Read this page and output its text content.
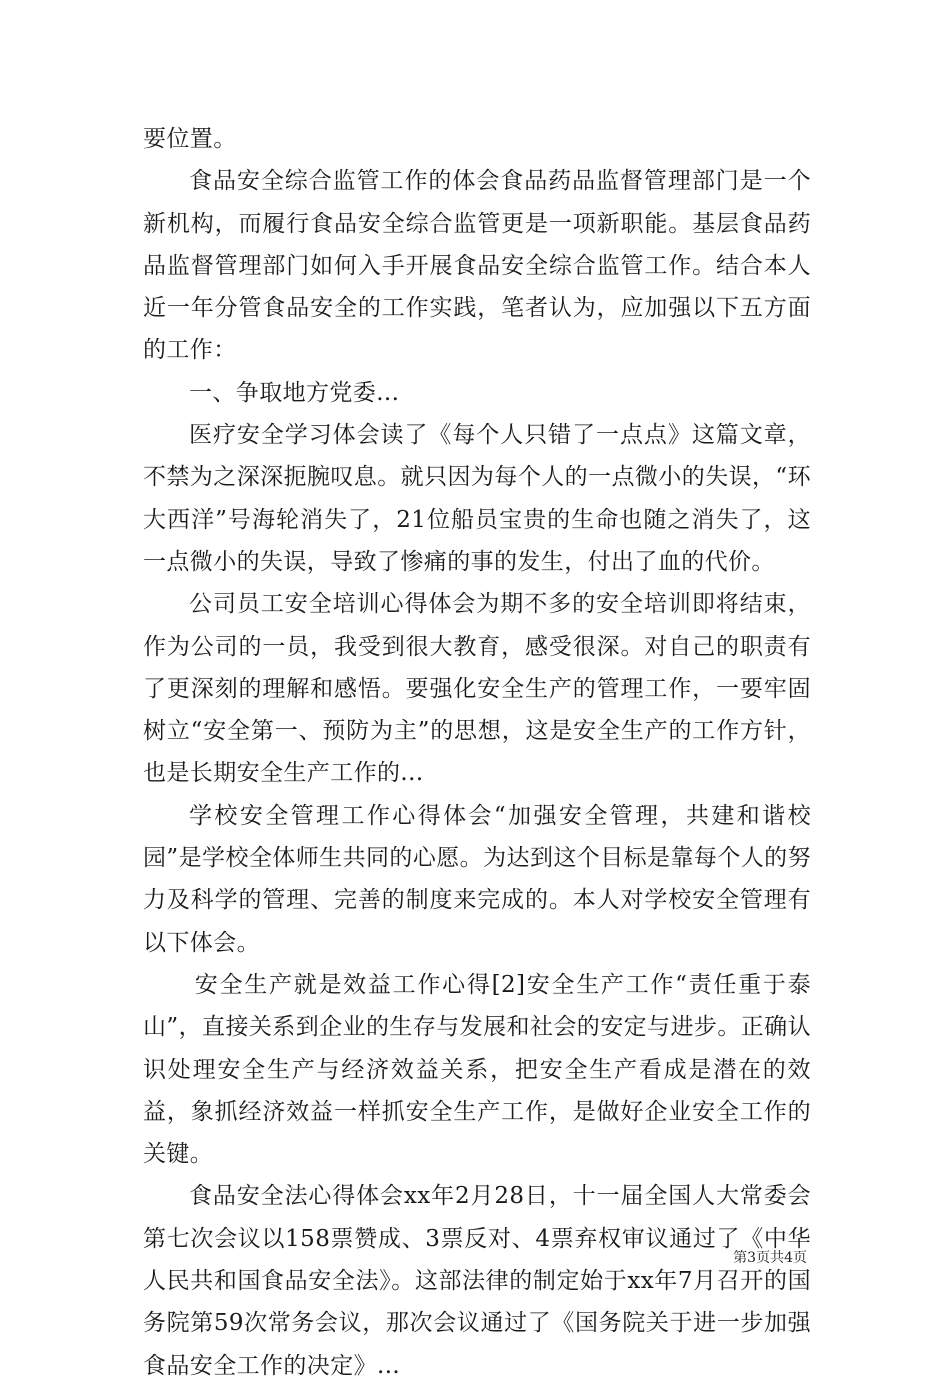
要位置。

食品安全综合监管工作的体会食品药品监督管理部门是一个新机构，而履行食品安全综合监管更是一项新职能。基层食品药品监督管理部门如何入手开展食品安全综合监管工作。结合本人近一年分管食品安全的工作实践，笔者认为，应加强以下五方面的工作：

一、争取地方党委...

医疗安全学习体会读了《每个人只错了一点点》这篇文章，不禁为之深深扼腕叹息。就只因为每个人的一点微小的失误，“环大西洋”号海轮消失了，21位船员宝贵的生命也随之消失了，这一点微小的失误，导致了惨痛的事的发生，付出了血的代价。

公司员工安全培训心得体会为期不多的安全培训即将结束，作为公司的一员，我受到很大教育，感受很深。对自己的职责有了更深刻的理解和感悟。要强化安全生产的管理工作，一要牢固树立“安全第一、预防为主”的思想，这是安全生产的工作方针，也是长期安全生产工作的...

学校安全管理工作心得体会“加强安全管理，共建和谐校园”是学校全体师生共同的心愿。为达到这个目标是靠每个人的努力及科学的管理、完善的制度来完成的。本人对学校安全管理有以下体会。

安全生产就是效益工作心得[2]安全生产工作“责任重于泰山”，直接关系到企业的生存与发展和社会的安定与进步。正确认识处理安全生产与经济效益关系，把安全生产看成是潜在的效益，象抓经济效益一样抓安全生产工作，是做好企业安全工作的关键。

食品安全法心得体会xx年2月28日，十一届全国人大常委会第七次会议以158票赞成、3票反对、4票弃权审议通过了《中华人民共和国食品安全法》。这部法律的制定始于xx年7月召开的国务院第59次常务会议，那次会议通过了《国务院关于进一步加强食品安全工作的决定》...

第3页共4页
